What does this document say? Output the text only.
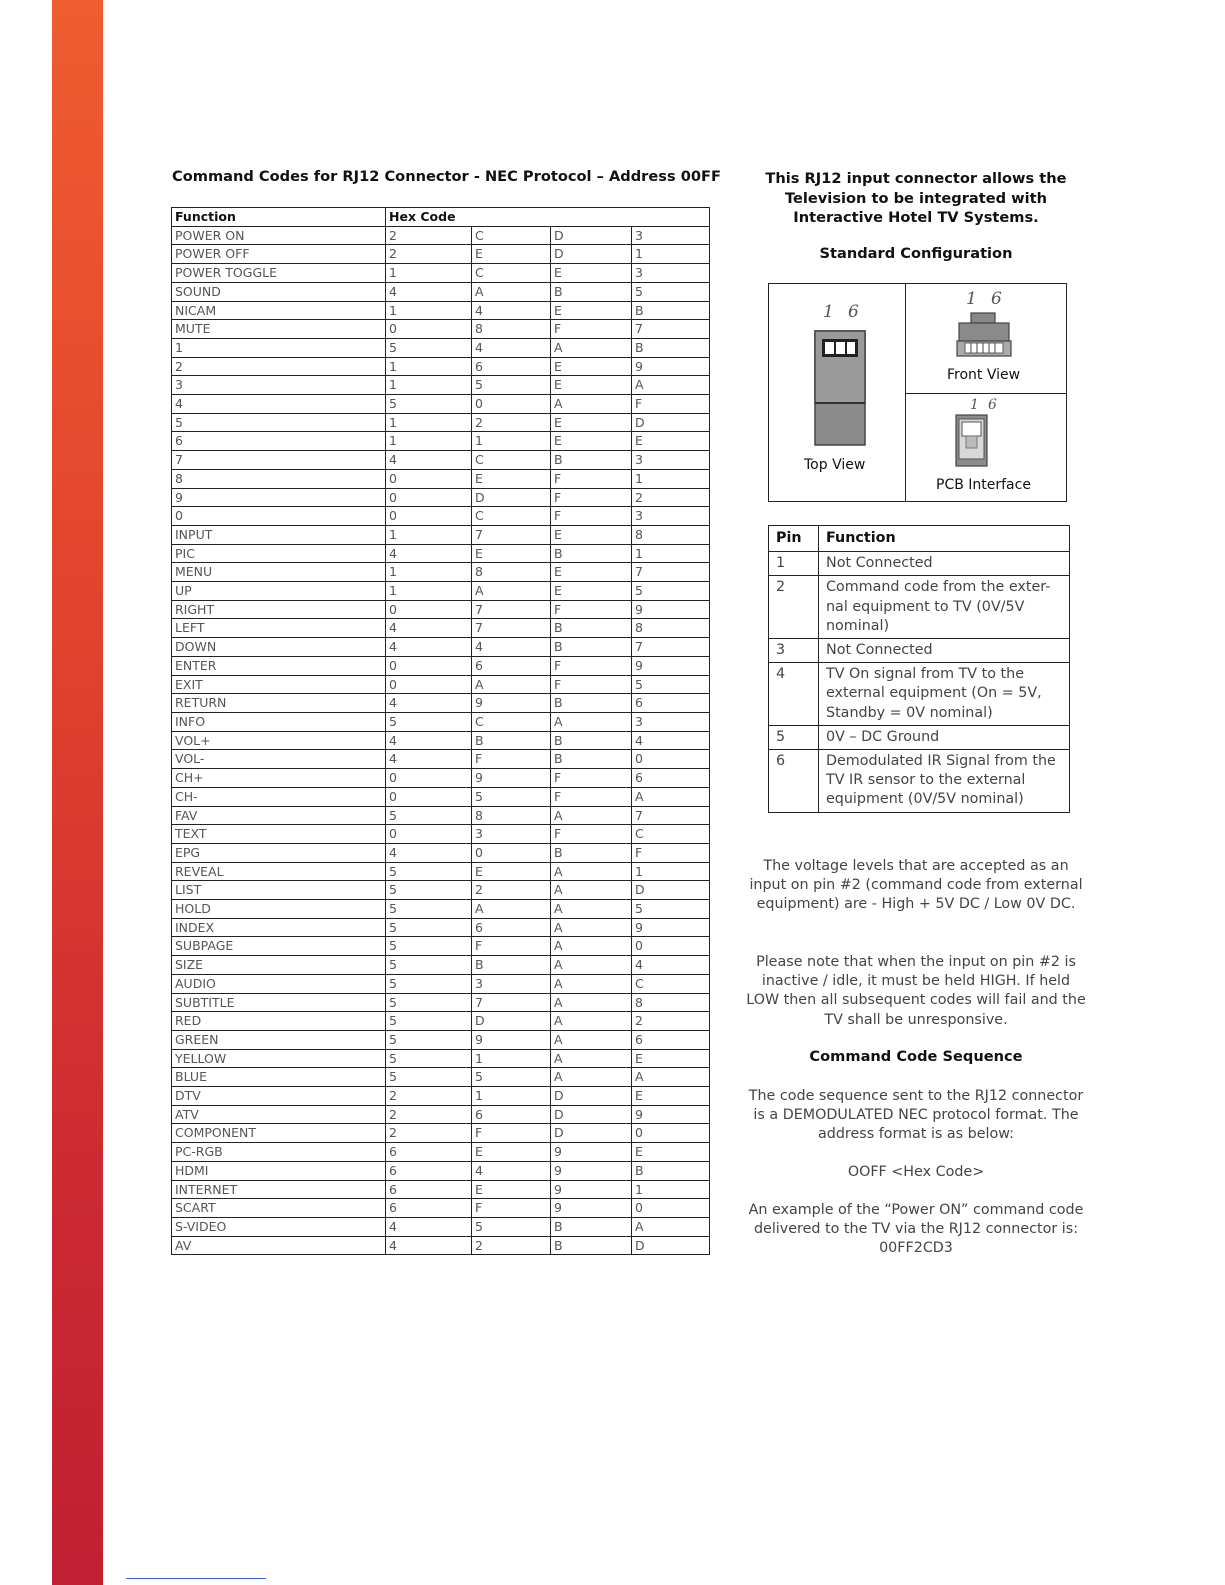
Command Codes for RJ12 Connector - NEC Protocol – Address 00FF
Function	Hex Code			
POWER ON	2	C	D	3
POWER OFF	2	E	D	1
POWER TOGGLE	1	C	E	3
SOUND	4	A	B	5
NICAM	1	4	E	B
MUTE	0	8	F	7
1	5	4	A	B
2	1	6	E	9
3	1	5	E	A
4	5	0	A	F
5	1	2	E	D
6	1	1	E	E
7	4	C	B	3
8	0	E	F	1
9	0	D	F	2
0	0	C	F	3
INPUT	1	7	E	8
PIC	4	E	B	1
MENU	1	8	E	7
UP	1	A	E	5
RIGHT	0	7	F	9
LEFT	4	7	B	8
DOWN	4	4	B	7
ENTER	0	6	F	9
EXIT	0	A	F	5
RETURN	4	9	B	6
INFO	5	C	A	3
VOL+	4	B	B	4
VOL-	4	F	B	0
CH+	0	9	F	6
CH-	0	5	F	A
FAV	5	8	A	7
TEXT	0	3	F	C
EPG	4	0	B	F
REVEAL	5	E	A	1
LIST	5	2	A	D
HOLD	5	A	A	5
INDEX	5	6	A	9
SUBPAGE	5	F	A	0
SIZE	5	B	A	4
AUDIO	5	3	A	C
SUBTITLE	5	7	A	8
RED	5	D	A	2
GREEN	5	9	A	6
YELLOW	5	1	A	E
BLUE	5	5	A	A
DTV	2	1	D	E
ATV	2	6	D	9
COMPONENT	2	F	D	0
PC-RGB	6	E	9	E
HDMI	6	4	9	B
INTERNET	6	E	9	1
SCART	6	F	9	0
S-VIDEO	4	5	B	A
AV	4	2	B	D
This RJ12 input connector allows the Television to be integrated with Interactive Hotel TV Systems.
Standard Configuration
1 6
Top View
1 6
Front View
1 6
PCB Interface
Pin	Function
1	Not Connected
2	Command code from the exter-nal equipment to TV (0V/5V nominal)
3	Not Connected
4	TV On signal from TV to the external equipment (On = 5V, Standby = 0V nominal)
5	0V – DC Ground
6	Demodulated IR Signal from the TV IR sensor to the external equipment (0V/5V nominal)
The voltage levels that are accepted as an input on pin #2 (command code from external equipment) are - High + 5V DC / Low 0V DC.
Please note that when the input on pin #2 is inactive / idle, it must be held HIGH. If held LOW then all subsequent codes will fail and the TV shall be unresponsive.
Command Code Sequence
The code sequence sent to the RJ12 connector is a DEMODULATED NEC protocol format. The address format is as below:
OOFF <Hex Code>
An example of the “Power ON” command code delivered to the TV via the RJ12 connector is: 00FF2CD3
